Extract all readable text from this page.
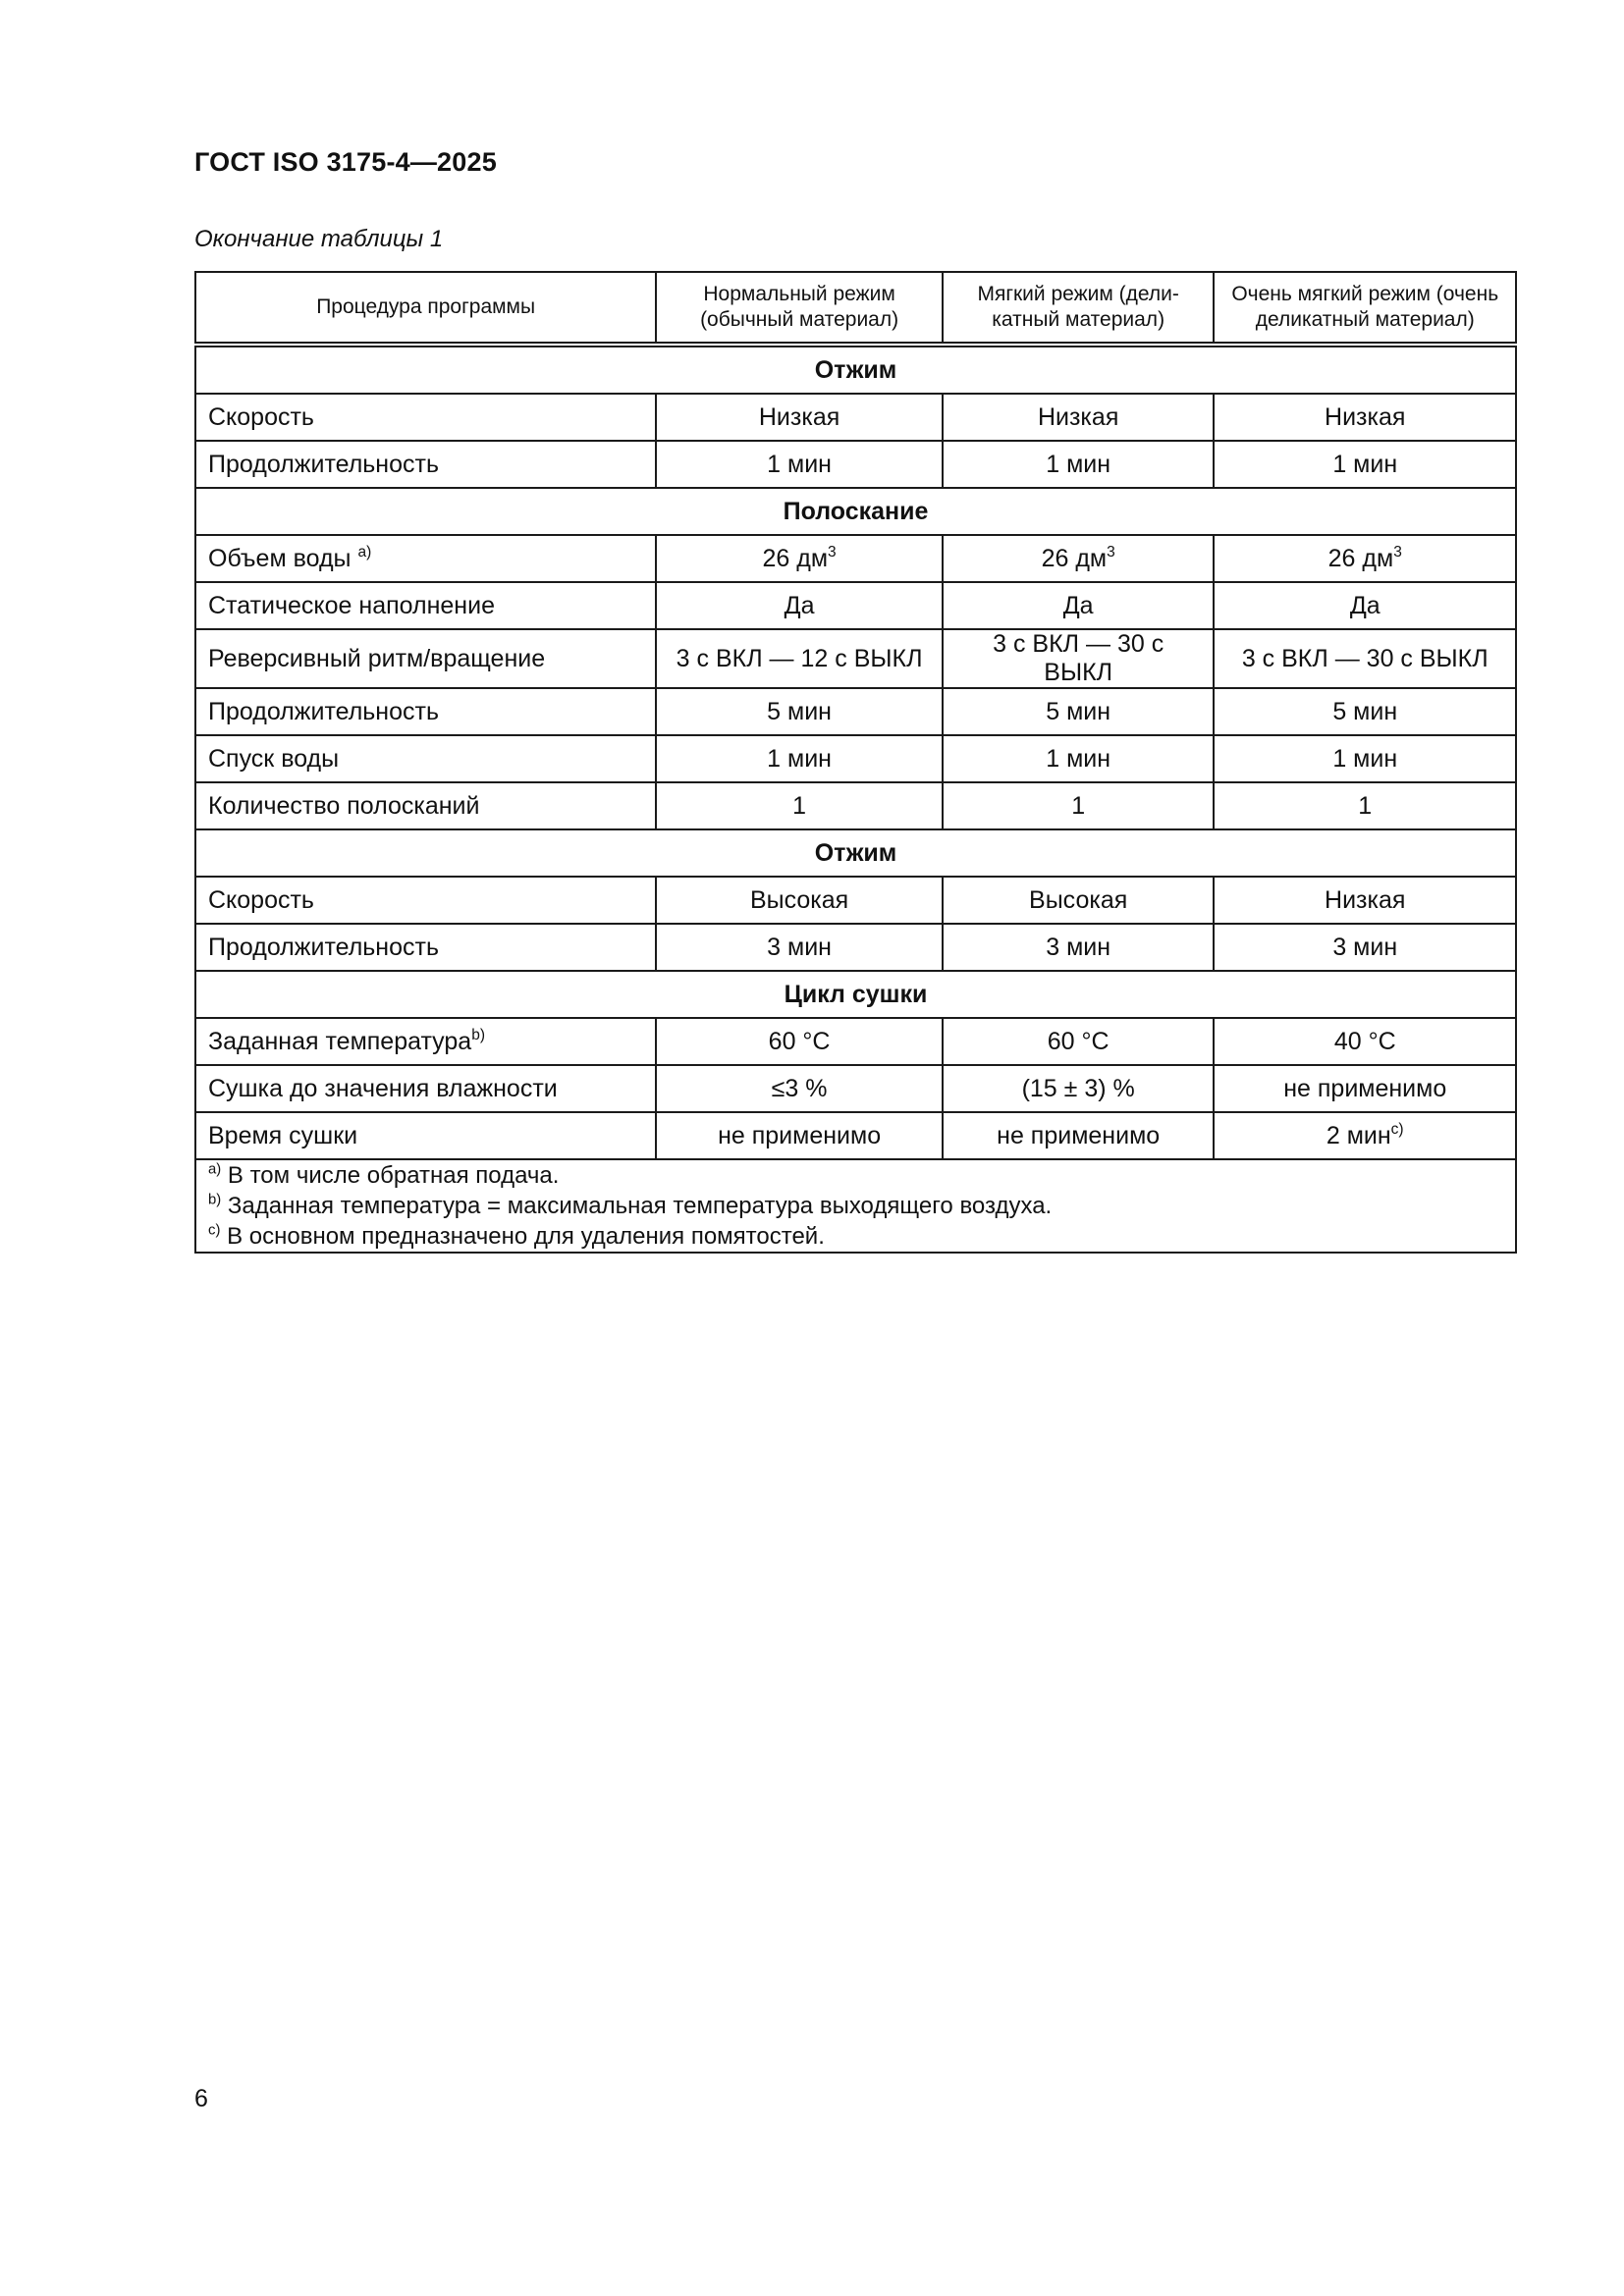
ГОСТ ISO 3175-4—2025
Окончание таблицы 1
Процедура программы	Нормальный режим (обычный материал)	Мягкий режим (дели-катный материал)	Очень мягкий режим (очень деликатный материал)
Отжим			
Скорость	Низкая	Низкая	Низкая
Продолжительность	1 мин	1 мин	1 мин
Полоскание			
Объем воды $^{а)}$	26 $дм^3$	26 $дм^3$	26 $дм^3$
Статическое наполнение	Да	Да	Да
Реверсивный ритм/вращение	3 с ВКЛ — 12 с ВЫКЛ	3 с ВКЛ — 30 с ВЫКЛ	3 с ВКЛ — 30 с ВЫКЛ
Продолжительность	5 мин	5 мин	5 мин
Спуск воды	1 мин	1 мин	1 мин
Количество полосканий	1	1	1
Отжим			
Скорость	Высокая	Высокая	Низкая
Продолжительность	3 мин	3 мин	3 мин
Цикл сушки			
Заданная температура$^{b)}$	60 °C	60 °C	40 °C
Сушка до значения влажности	≤3 %	(15 ± 3) %	не применимо
Время сушки	не применимо	не применимо	2 мин$^{c)}$

$^{а)}$ В том числе обратная подача.
$^{b)}$ Заданная температура = максимальная температура выходящего воздуха.
$^{c)}$ В основном предназначено для удаления помятостей.			
6
